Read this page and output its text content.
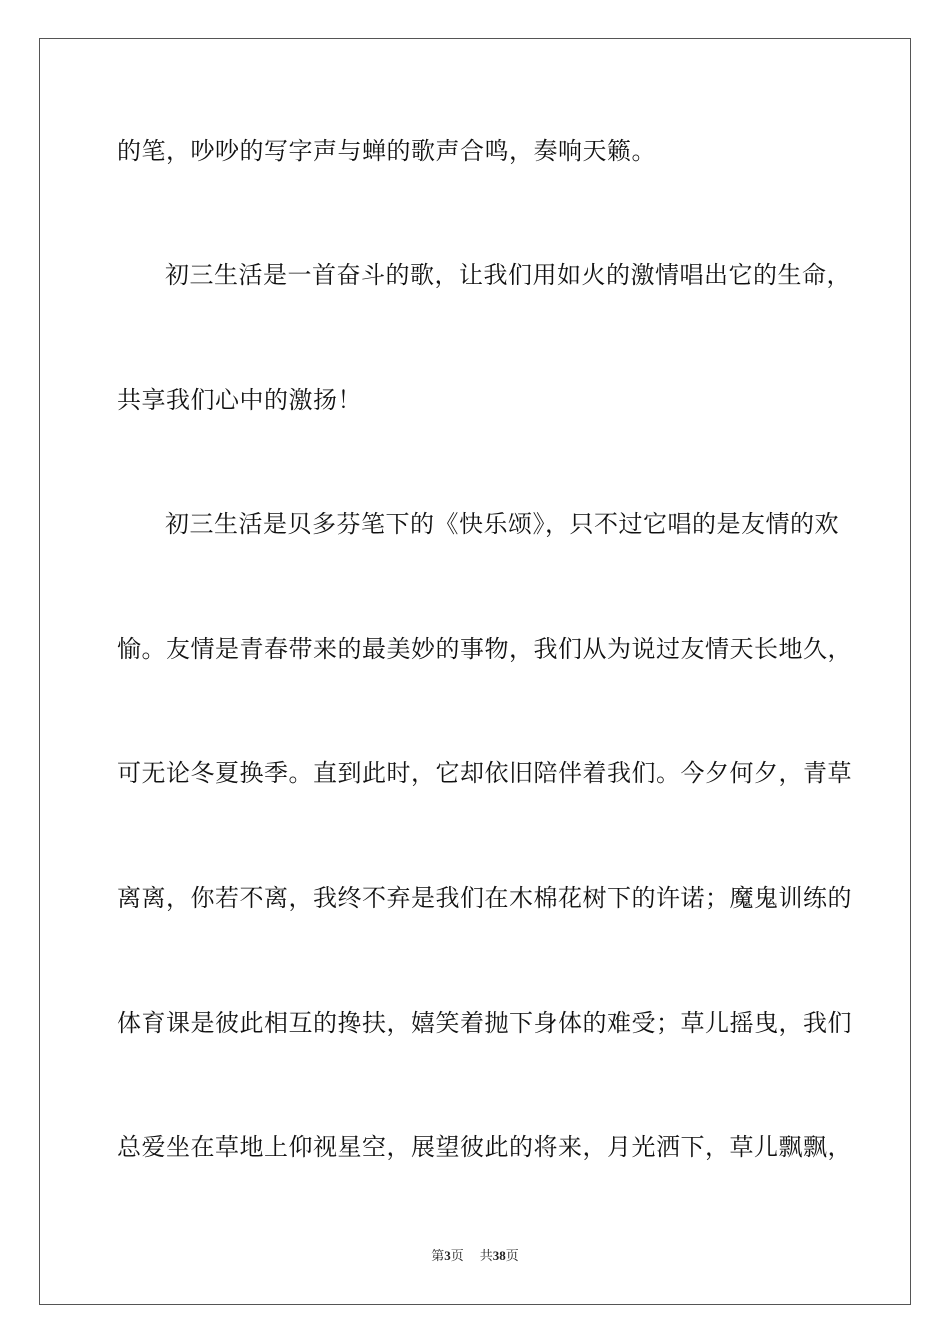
的笔，吵吵的写字声与蝉的歌声合鸣，奏响天籁。

初三生活是一首奋斗的歌，让我们用如火的激情唱出它的生命，

共享我们心中的激扬！

初三生活是贝多芬笔下的《快乐颂》，只不过它唱的是友情的欢

愉。友情是青春带来的最美妙的事物，我们从为说过友情天长地久，

可无论冬夏换季。直到此时，它却依旧陪伴着我们。今夕何夕，青草

离离，你若不离，我终不弃是我们在木棉花树下的许诺；魔鬼训练的

体育课是彼此相互的搀扶，嬉笑着抛下身体的难受；草儿摇曳，我们

总爱坐在草地上仰视星空，展望彼此的将来，月光洒下，草儿飘飘，

第3页 共38页
